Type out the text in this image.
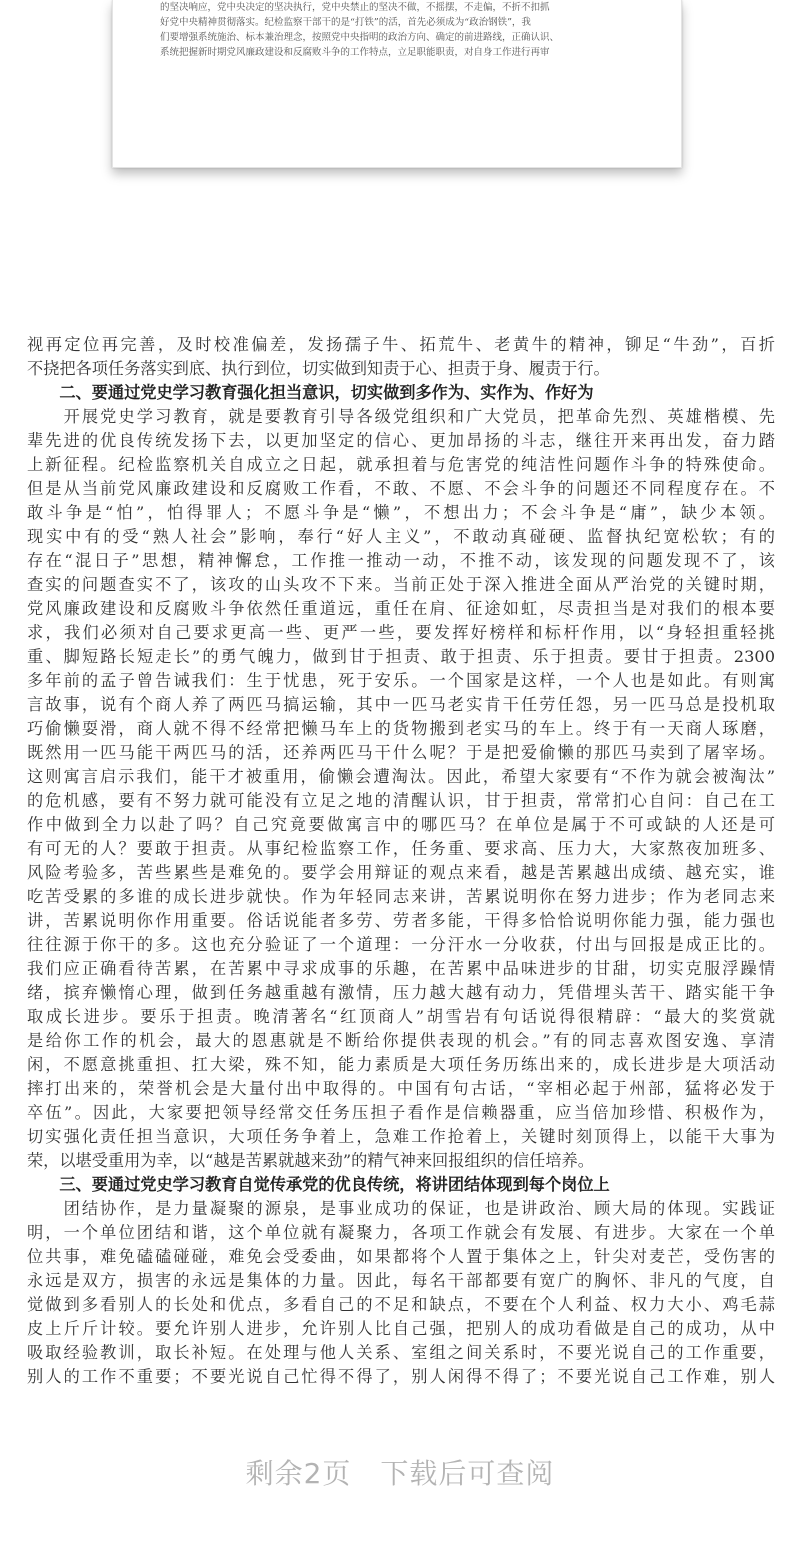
的坚决响应，党中央决定的坚决执行，党中央禁止的坚决不做，不摇摆，不走偏，不折不扣抓
好党中央精神贯彻落实。纪检监察干部干的是“打铁”的活，首先必须成为“政治钢铁”，我
们要增强系统施治、标本兼治理念，按照党中央指明的政治方向、确定的前进路线，正确认识、
系统把握新时期党风廉政建设和反腐败斗争的工作特点，立足职能职责，对自身工作进行再审
视再定位再完善，及时校准偏差，发扬孺子牛、拓荒牛、老黄牛的精神，铆足“牛劲”，百折
不挠把各项任务落实到底、执行到位，切实做到知责于心、担责于身、履责于行。
　　二、要通过党史学习教育强化担当意识，切实做到多作为、实作为、作好为
　　开展党史学习教育，就是要教育引导各级党组织和广大党员，把革命先烈、英雄楷模、先
辈先进的优良传统发扬下去，以更加坚定的信心、更加昂扬的斗志，继往开来再出发，奋力踏
上新征程。纪检监察机关自成立之日起，就承担着与危害党的纯洁性问题作斗争的特殊使命。
但是从当前党风廉政建设和反腐败工作看，不敢、不愿、不会斗争的问题还不同程度存在。不
敢斗争是“怕”，怕得罪人；不愿斗争是“懒”，不想出力；不会斗争是“庸”，缺少本领。
现实中有的受“熟人社会”影响，奉行“好人主义”，不敢动真碰硬、监督执纪宽松软；有的
存在“混日子”思想，精神懈怠，工作推一推动一动，不推不动，该发现的问题发现不了，该
查实的问题查实不了，该攻的山头攻不下来。当前正处于深入推进全面从严治党的关键时期，
党风廉政建设和反腐败斗争依然任重道远，重任在肩、征途如虹，尽责担当是对我们的根本要
求，我们必须对自己要求更高一些、更严一些，要发挥好榜样和标杆作用，以“身轻担重轻挑
重、脚短路长短走长”的勇气魄力，做到甘于担责、敢于担责、乐于担责。要甘于担责。2300
多年前的孟子曾告诫我们：生于忧患，死于安乐。一个国家是这样，一个人也是如此。有则寓
言故事，说有个商人养了两匹马搞运输，其中一匹马老实肯干任劳任怨，另一匹马总是投机取
巧偷懒耍滑，商人就不得不经常把懒马车上的货物搬到老实马的车上。终于有一天商人琢磨，
既然用一匹马能干两匹马的活，还养两匹马干什么呢？于是把爱偷懒的那匹马卖到了屠宰场。
这则寓言启示我们，能干才被重用，偷懒会遭淘汰。因此，希望大家要有“不作为就会被淘汰”
的危机感，要有不努力就可能没有立足之地的清醒认识，甘于担责，常常扪心自问：自己在工
作中做到全力以赴了吗？自己究竟要做寓言中的哪匹马？在单位是属于不可或缺的人还是可
有可无的人？要敢于担责。从事纪检监察工作，任务重、要求高、压力大，大家熬夜加班多、
风险考验多，苦些累些是难免的。要学会用辩证的观点来看，越是苦累越出成绩、越充实，谁
吃苦受累的多谁的成长进步就快。作为年轻同志来讲，苦累说明你在努力进步；作为老同志来
讲，苦累说明你作用重要。俗话说能者多劳、劳者多能，干得多恰恰说明你能力强，能力强也
往往源于你干的多。这也充分验证了一个道理：一分汗水一分收获，付出与回报是成正比的。
我们应正确看待苦累，在苦累中寻求成事的乐趣，在苦累中品味进步的甘甜，切实克服浮躁情
绪，摈弃懒惰心理，做到任务越重越有激情，压力越大越有动力，凭借埋头苦干、踏实能干争
取成长进步。要乐于担责。晚清著名“红顶商人”胡雪岩有句话说得很精辟：“最大的奖赏就
是给你工作的机会，最大的恩惠就是不断给你提供表现的机会。”有的同志喜欢图安逸、享清
闲，不愿意挑重担、扛大梁，殊不知，能力素质是大项任务历练出来的，成长进步是大项活动
摔打出来的，荣誉机会是大量付出中取得的。中国有句古话，“宰相必起于州部，猛将必发于
卒伍”。因此，大家要把领导经常交任务压担子看作是信赖器重，应当倍加珍惜、积极作为，
切实强化责任担当意识，大项任务争着上，急难工作抢着上，关键时刻顶得上，以能干大事为
荣，以堪受重用为幸，以“越是苦累就越来劲”的精气神来回报组织的信任培养。
　　三、要通过党史学习教育自觉传承党的优良传统，将讲团结体现到每个岗位上
　　团结协作，是力量凝聚的源泉，是事业成功的保证，也是讲政治、顾大局的体现。实践证
明，一个单位团结和谐，这个单位就有凝聚力，各项工作就会有发展、有进步。大家在一个单
位共事，难免磕磕碰碰，难免会受委曲，如果都将个人置于集体之上，针尖对麦芒，受伤害的
永远是双方，损害的永远是集体的力量。因此，每名干部都要有宽广的胸怀、非凡的气度，自
觉做到多看别人的长处和优点，多看自己的不足和缺点，不要在个人利益、权力大小、鸡毛蒜
皮上斤斤计较。要允许别人进步，允许别人比自己强，把别人的成功看做是自己的成功，从中
吸取经验教训，取长补短。在处理与他人关系、室组之间关系时，不要光说自己的工作重要，
别人的工作不重要；不要光说自己忙得不得了，别人闲得不得了；不要光说自己工作难，别人
剩余2页　下载后可查阅
